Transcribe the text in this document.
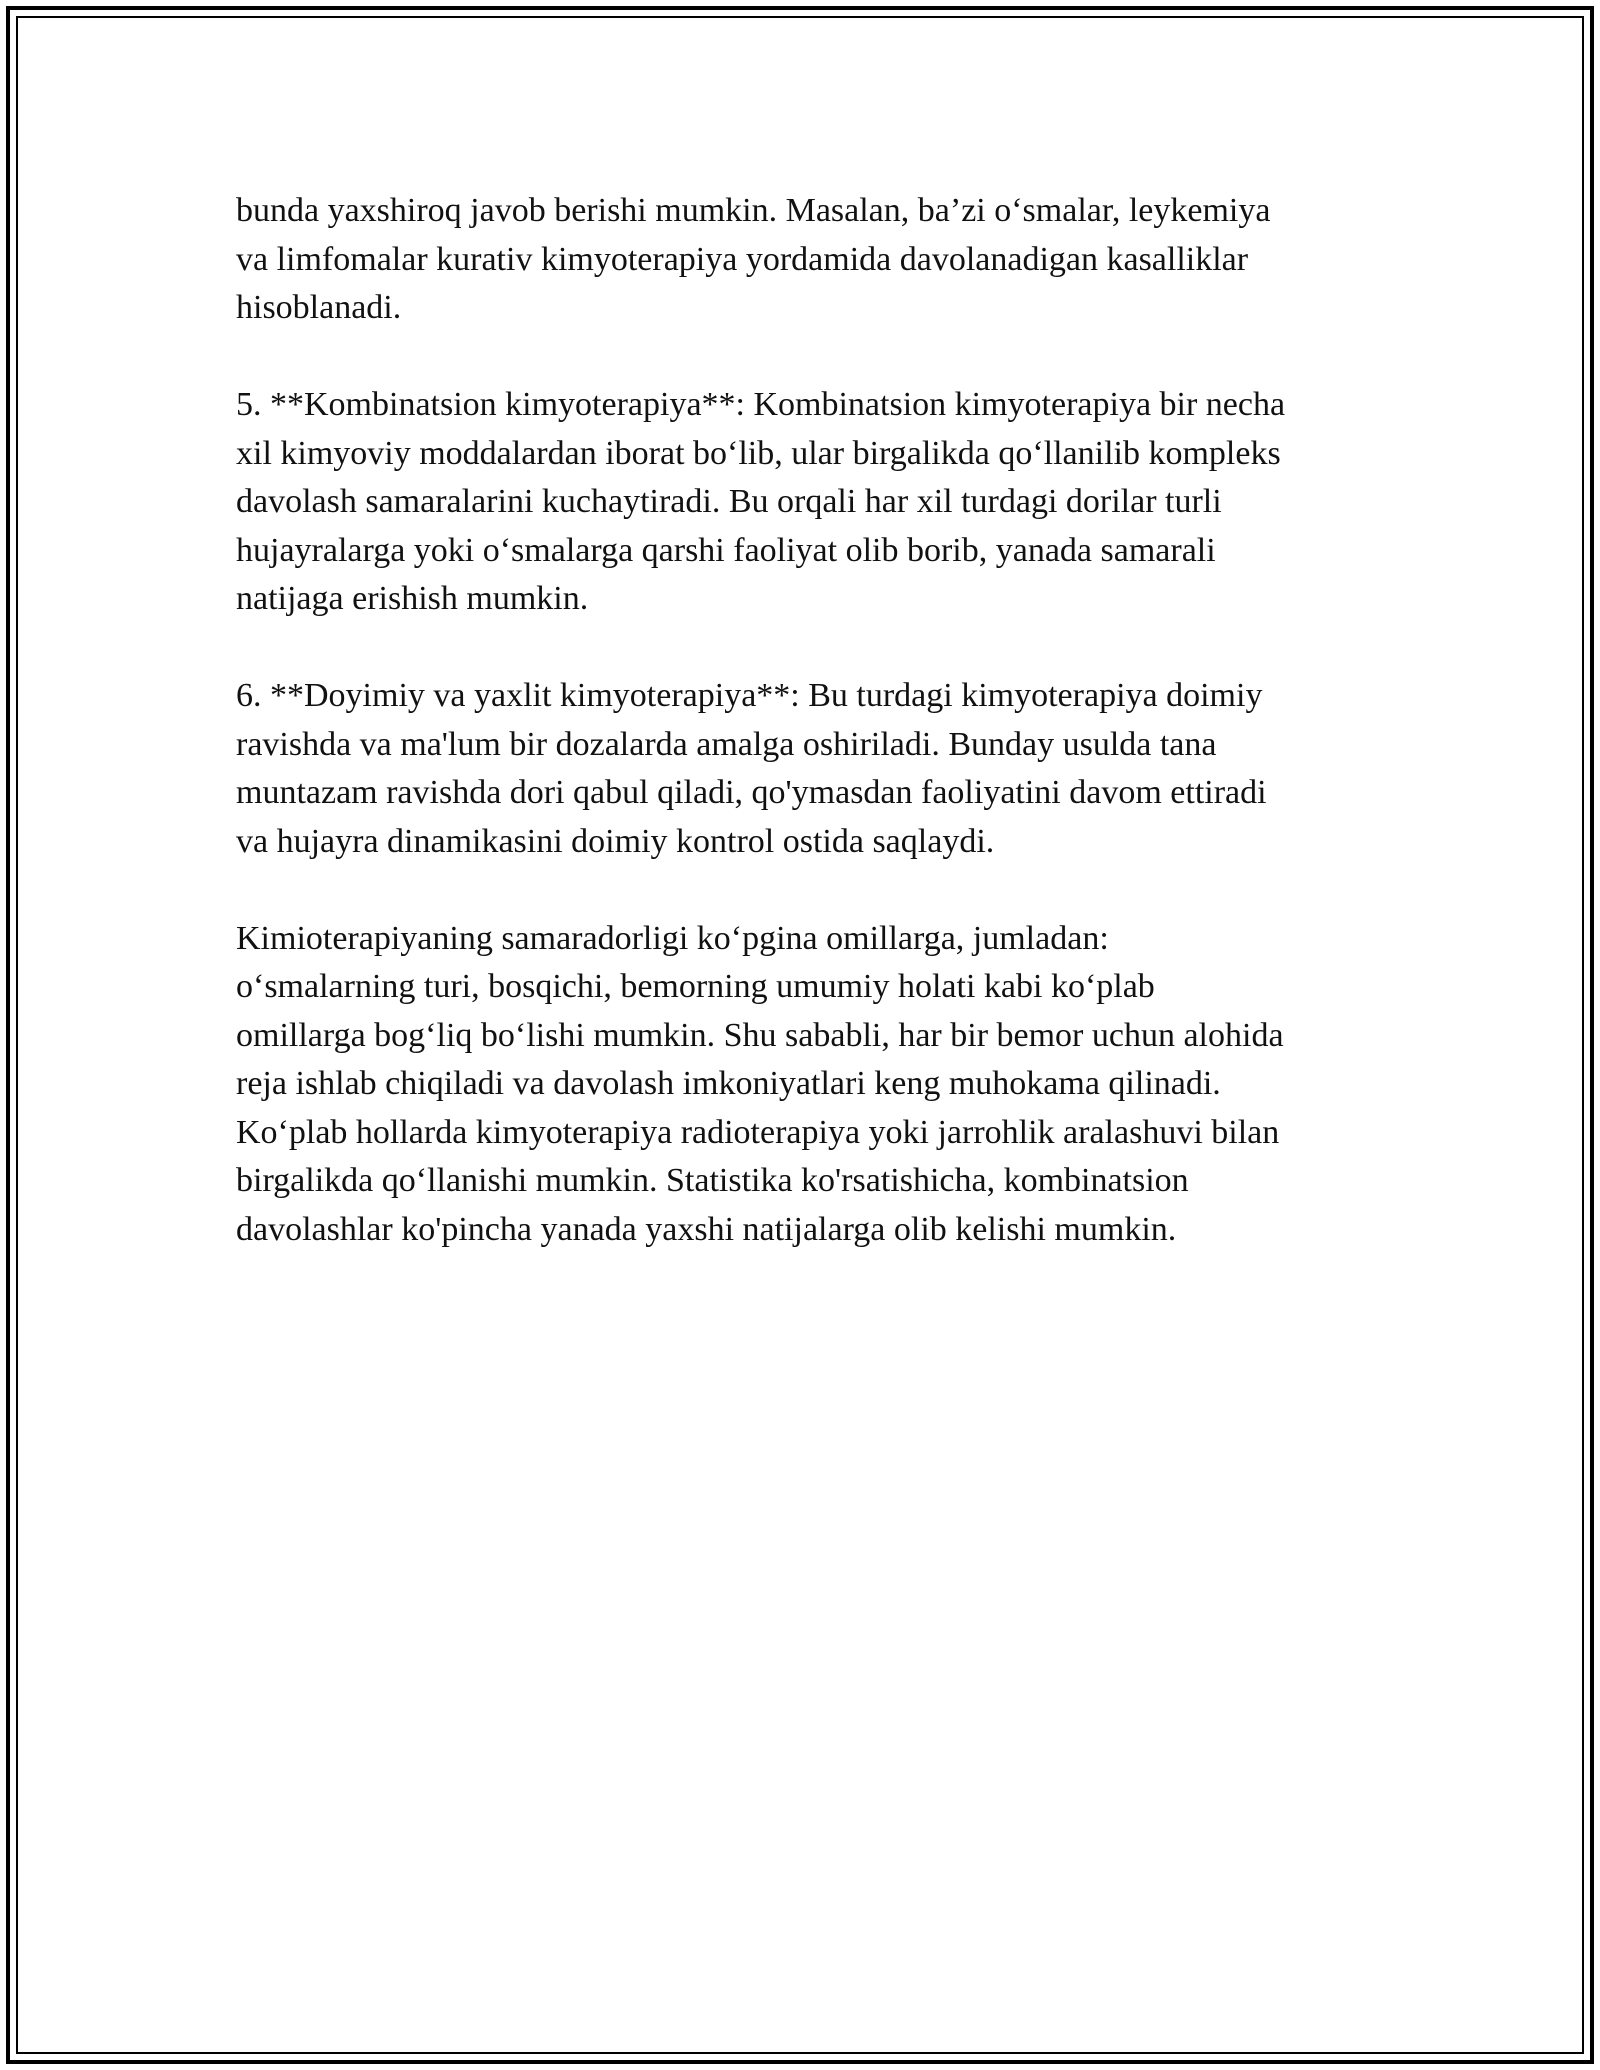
bunda yaxshiroq javob berishi mumkin. Masalan, ba’zi o‘smalar, leykemiya
va limfomalar kurativ kimyoterapiya yordamida davolanadigan kasalliklar
hisoblanadi.
5. **Kombinatsion kimyoterapiya**: Kombinatsion kimyoterapiya bir necha
xil kimyoviy moddalardan iborat bo‘lib, ular birgalikda qo‘llanilib kompleks
davolash samaralarini kuchaytiradi. Bu orqali har xil turdagi dorilar turli
hujayralarga yoki o‘smalarga qarshi faoliyat olib borib, yanada samarali
natijaga erishish mumkin.
6. **Doyimiy va yaxlit kimyoterapiya**: Bu turdagi kimyoterapiya doimiy
ravishda va ma'lum bir dozalarda amalga oshiriladi. Bunday usulda tana
muntazam ravishda dori qabul qiladi, qo'ymasdan faoliyatini davom ettiradi
va hujayra dinamikasini doimiy kontrol ostida saqlaydi.
Kimioterapiyaning samaradorligi ko‘pgina omillarga, jumladan:
o‘smalarning turi, bosqichi, bemorning umumiy holati kabi ko‘plab
omillarga bog‘liq bo‘lishi mumkin. Shu sababli, har bir bemor uchun alohida
reja ishlab chiqiladi va davolash imkoniyatlari keng muhokama qilinadi.
Ko‘plab hollarda kimyoterapiya radioterapiya yoki jarrohlik aralashuvi bilan
birgalikda qo‘llanishi mumkin. Statistika ko'rsatishicha, kombinatsion
davolashlar ko'pincha yanada yaxshi natijalarga olib kelishi mumkin.
